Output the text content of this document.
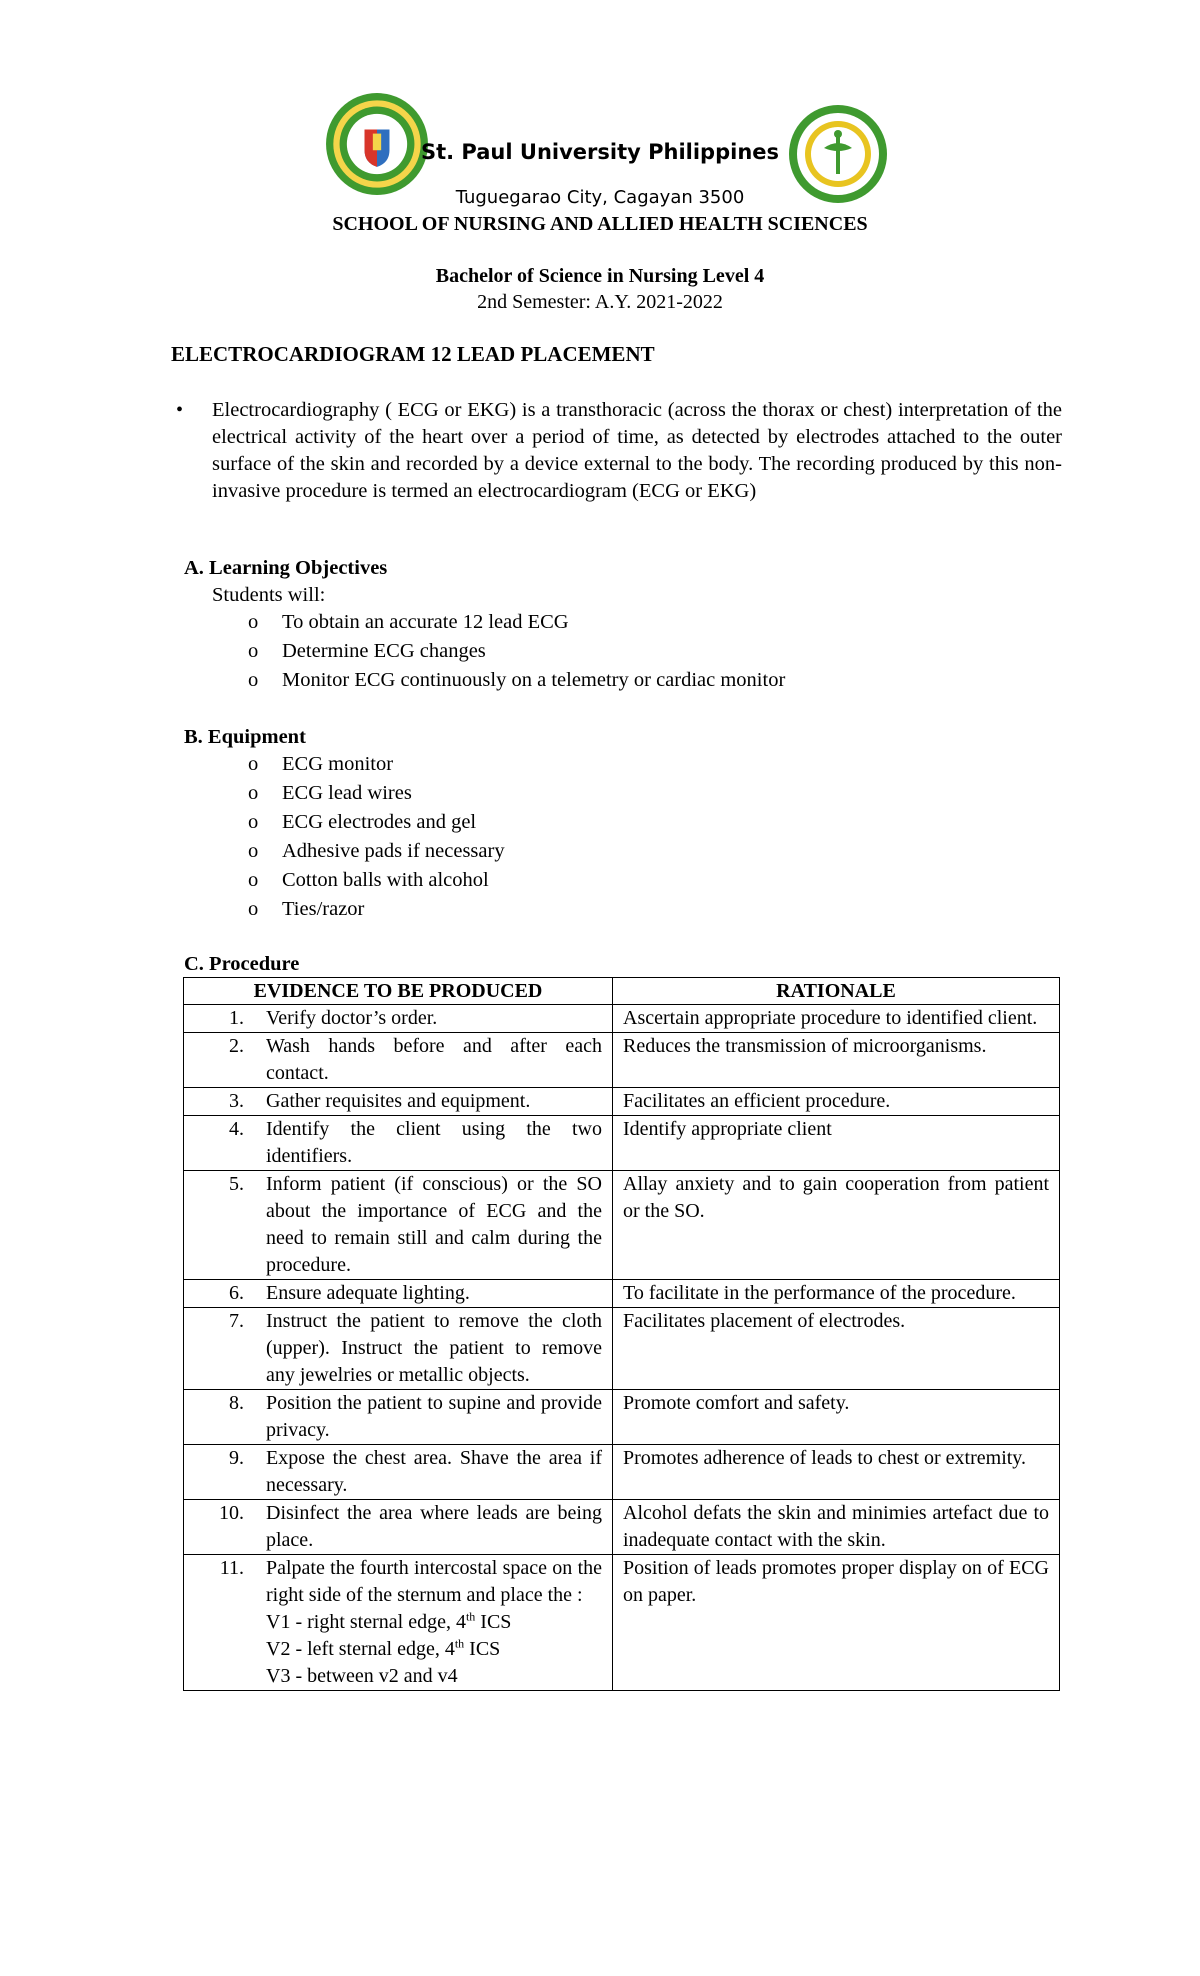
St. Paul University Philippines
Tuguegarao City, Cagayan 3500
SCHOOL OF NURSING AND ALLIED HEALTH SCIENCES
Bachelor of Science in Nursing Level 4
2nd Semester: A.Y. 2021-2022
ELECTROCARDIOGRAM 12 LEAD PLACEMENT
• Electrocardiography ( ECG or EKG) is a transthoracic (across the thorax or chest) interpretation of the electrical activity of the heart over a period of time, as detected by electrodes attached to the outer surface of the skin and recorded by a device external to the body. The recording produced by this non-invasive procedure is termed an electrocardiogram (ECG or EKG)
A. Learning Objectives
Students will:
o To obtain an accurate 12 lead ECG
o Determine ECG changes
o Monitor ECG continuously on a telemetry or cardiac monitor
B. Equipment
o ECG monitor
o ECG lead wires
o ECG electrodes and gel
o Adhesive pads if necessary
o Cotton balls with alcohol
o Ties/razor
C. Procedure
EVIDENCE TO BE PRODUCED	RATIONALE

1. Verify doctor’s order.	Ascertain appropriate procedure to identified client.

2. Wash hands before and after each contact.	Reduces the transmission of microorganisms.

3. Gather requisites and equipment.	Facilitates an efficient procedure.

4. Identify the client using the two identifiers.	Identify appropriate client

5. Inform patient (if conscious) or the SO about the importance of ECG and the need to remain still and calm during the procedure.	Allay anxiety and to gain cooperation from patient or the SO.

6. Ensure adequate lighting.	To facilitate in the performance of the procedure.

7. Instruct the patient to remove the cloth (upper). Instruct the patient to remove any jewelries or metallic objects.	Facilitates placement of electrodes.

8. Position the patient to supine and provide privacy.	Promote comfort and safety.

9. Expose the chest area. Shave the area if necessary.	Promotes adherence of leads to chest or extremity.

10. Disinfect the area where leads are being place.	Alcohol defats the skin and minimies artefact due to inadequate contact with the skin.

11. Palpate the fourth intercostal space on the right side of the sternum and place the :
V1 - right sternal edge, 4th ICS
V2 - left sternal edge, 4th ICS
V3 - between v2 and v4	Position of leads promotes proper display on of ECG on paper.
